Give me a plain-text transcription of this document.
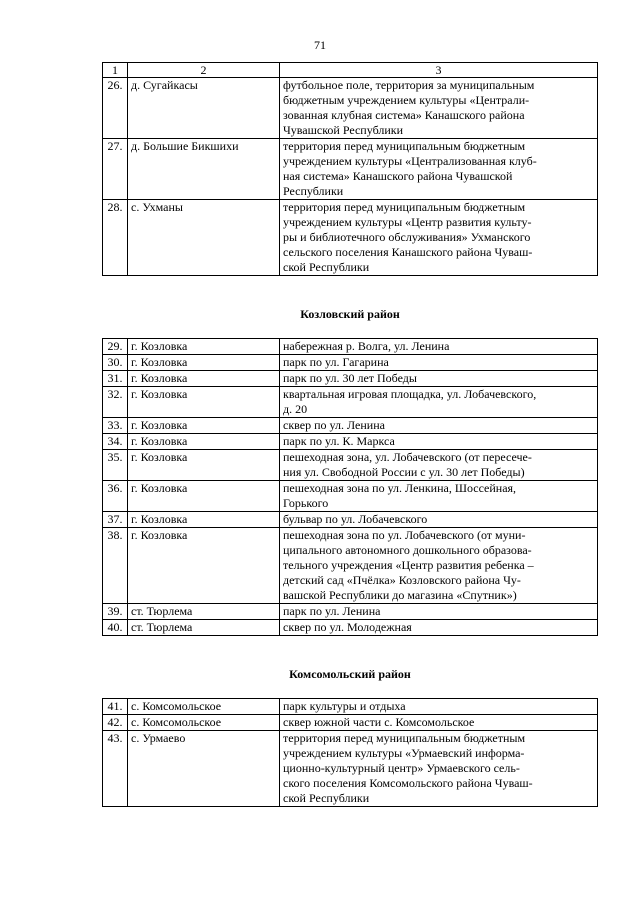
71
1	2	3
26.	д. Сугайкасы	футбольное поле, территория за муниципальным
бюджетным учреждением культуры «Централи-
зованная клубная система» Канашского района
Чувашской Республики

27.	д. Большие Бикшихи	территория перед муниципальным бюджетным
учреждением культуры «Централизованная клуб-
ная система» Канашского района Чувашской
Республики

28.	с. Ухманы	территория перед муниципальным бюджетным
учреждением культуры «Центр развития культу-
ры и библиотечного обслуживания» Ухманского
сельского поселения Канашского района Чуваш-
ской Республики
Козловский район
29.	г. Козловка	набережная р. Волга, ул. Ленина

30.	г. Козловка	парк по ул. Гагарина

31.	г. Козловка	парк по ул. 30 лет Победы

32.	г. Козловка	квартальная игровая площадка, ул. Лобачевского,
д. 20

33.	г. Козловка	сквер по ул. Ленина

34.	г. Козловка	парк по ул. К. Маркса

35.	г. Козловка	пешеходная зона, ул. Лобачевского (от пересече-
ния ул. Свободной России с ул. 30 лет Победы)

36.	г. Козловка	пешеходная зона по ул. Ленкина, Шоссейная,
Горького

37.	г. Козловка	бульвар по ул. Лобачевского

38.	г. Козловка	пешеходная зона по ул. Лобачевского (от муни-
ципального автономного дошкольного образова-
тельного учреждения «Центр развития ребенка –
детский сад «Пчёлка» Козловского района Чу-
вашской Республики до магазина «Спутник»)

39.	ст. Тюрлема	парк по ул. Ленина

40.	ст. Тюрлема	сквер по ул. Молодежная
Комсомольский район
41.	с. Комсомольское	парк культуры и отдыха

42.	с. Комсомольское	сквер южной части с. Комсомольское

43.	с. Урмаево	территория перед муниципальным бюджетным
учреждением культуры «Урмаевский информа-
ционно-культурный центр» Урмаевского сель-
ского поселения Комсомольского района Чуваш-
ской Республики
